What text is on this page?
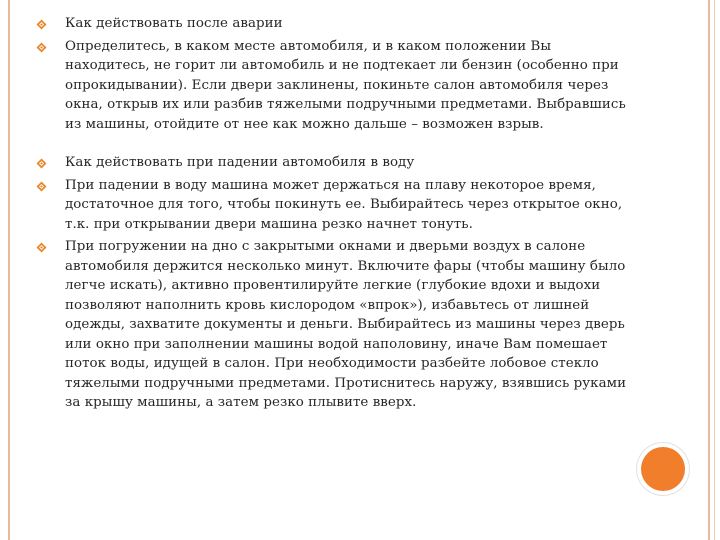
Как действовать после аварии
Определитесь, в каком месте автомобиля, и в каком положении Вы находитесь, не горит ли автомобиль и не подтекает ли бензин (особенно при опрокидывании). Если двери заклинены, покиньте салон автомобиля через окна, открыв их или разбив тяжелыми подручными предметами. Выбравшись из машины, отойдите от нее как можно дальше – возможен взрыв.
Как действовать при падении автомобиля в воду
При падении в воду машина может держаться на плаву некоторое время, достаточное для того, чтобы покинуть ее. Выбирайтесь через открытое окно, т.к. при открывании двери машина резко начнет тонуть.
При погружении на дно с закрытыми окнами и дверьми воздух в салоне автомобиля держится несколько минут. Включите фары (чтобы машину было легче искать), активно провентилируйте легкие (глубокие вдохи и выдохи позволяют наполнить кровь кислородом «впрок»), избавьтесь от лишней одежды, захватите документы и деньги. Выбирайтесь из машины через дверь или окно при заполнении машины водой наполовину, иначе Вам помешает поток воды, идущей в салон. При необходимости разбейте лобовое стекло тяжелыми подручными предметами. Протиснитесь наружу, взявшись руками за крышу машины, а затем резко плывите вверх.
